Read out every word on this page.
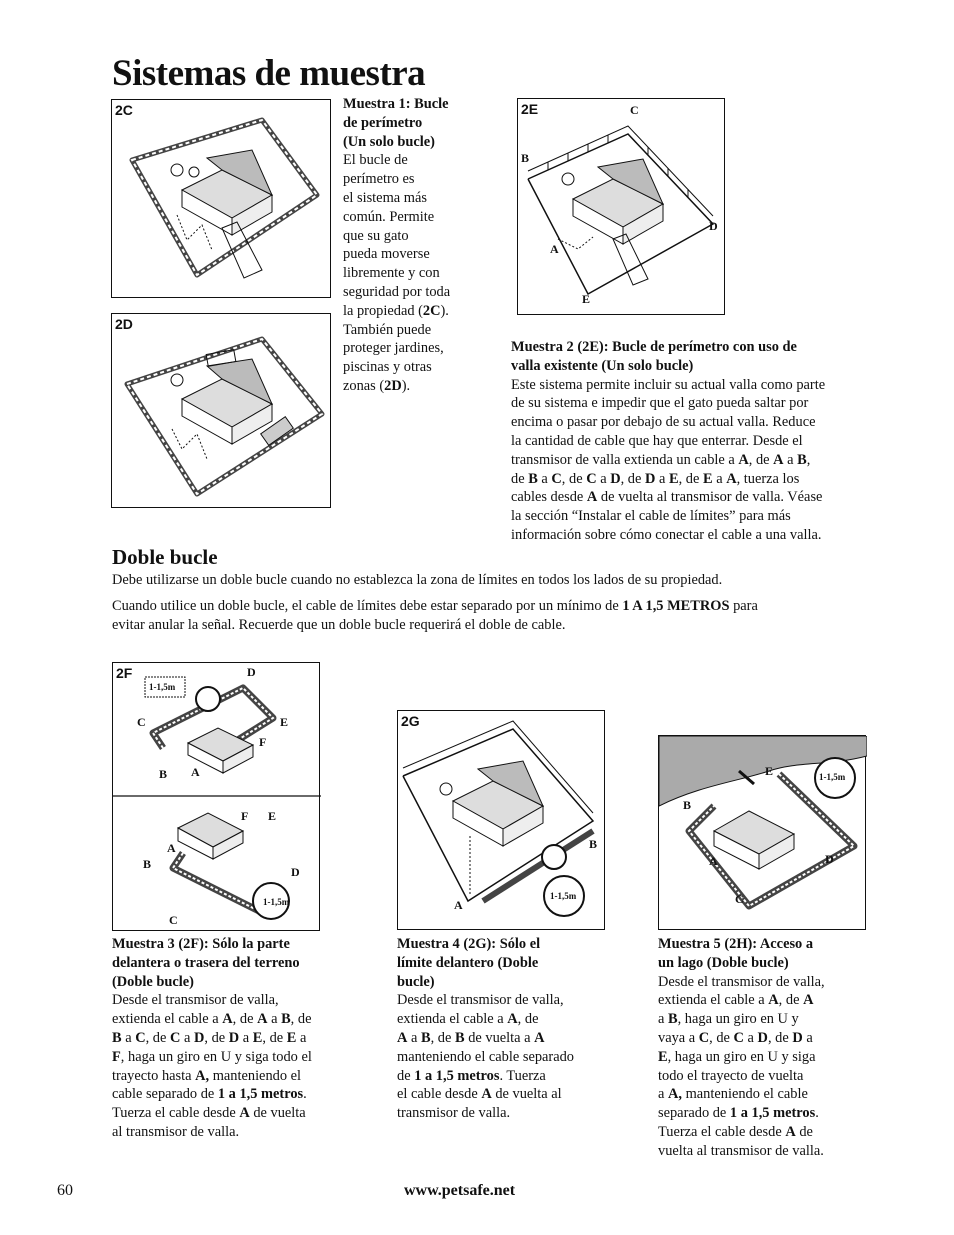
Sistemas de muestra
2C
2D
Muestra 1: Bucle
de perímetro
(Un solo bucle)
El bucle de
perímetro es
el sistema más
común. Permite
que su gato
pueda moverse
libremente y con
seguridad por toda
la propiedad (2C).
También puede
proteger jardines,
piscinas y otras
zonas (2D).
2E	C
B
D
A
E
Muestra 2 (2E): Bucle de perímetro con uso de
valla existente (Un solo bucle)
Este sistema permite incluir su actual valla como parte
de su sistema e impedir que el gato pueda saltar por
encima o pasar por debajo de su actual valla. Reduce
la cantidad de cable que hay que enterrar. Desde el
transmisor de valla extienda un cable a A, de A a B,
de B a C, de C a D, de D a E, de E a A, tuerza los
cables desde A de vuelta al transmisor de valla. Véase
la sección “Instalar el cable de límites” para más
información sobre cómo conectar el cable a una valla.
Doble bucle
Debe utilizarse un doble bucle cuando no establezca la zona de límites en todos los lados de su propiedad.
Cuando utilice un doble bucle, el cable de límites debe estar separado por un mínimo de 1 A 1,5 METROS para
evitar anular la señal. Recuerde que un doble bucle requerirá el doble de cable.
2F
1-1,5m
D
C	E
F
B A
F E
A
B
D
1-1,5m
C
2G
B
A
1-1,5m
E	1-1,5m
B
A	D
C
Muestra 3 (2F): Sólo la parte
delantera o trasera del terreno
(Doble bucle)
Desde el transmisor de valla,
extienda el cable a A, de A a B, de
B a C, de C a D, de D a E, de E a
F, haga un giro en U y siga todo el
trayecto hasta A, manteniendo el
cable separado de 1 a 1,5 metros.
Tuerza el cable desde A de vuelta
al transmisor de valla.
Muestra 4 (2G): Sólo el
límite delantero (Doble
bucle)
Desde el transmisor de valla,
extienda el cable a A, de
A a B, de B de vuelta a A
manteniendo el cable separado
de 1 a 1,5 metros. Tuerza
el cable desde A de vuelta al
transmisor de valla.
Muestra 5 (2H): Acceso a
un lago (Doble bucle)
Desde el transmisor de valla,
extienda el cable a A, de A
a B, haga un giro en U y
vaya a C, de C a D, de D a
E, haga un giro en U y siga
todo el trayecto de vuelta
a A, manteniendo el cable
separado de 1 a 1,5 metros.
Tuerza el cable desde A de
vuelta al transmisor de valla.
60	www.petsafe.net
